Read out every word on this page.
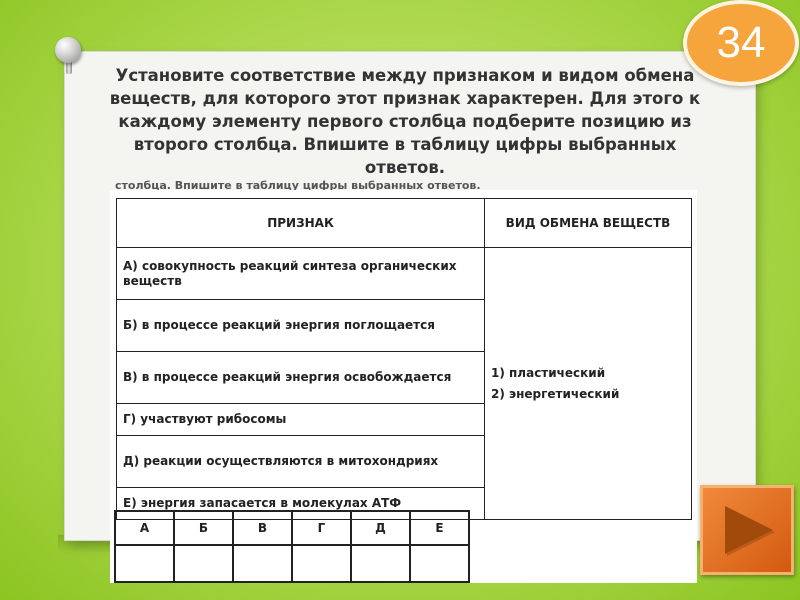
34
Установите соответствие между признаком и видом обмена веществ, для которого этот признак характерен. Для этого к каждому элементу первого столбца подберите позицию из второго столбца. Впишите в таблицу цифры выбранных ответов.
столбца. Впишите в таблицу цифры выбранных ответов.
ПРИЗНАК	ВИД ОБМЕНА ВЕЩЕСТВ
А) совокупность реакций синтеза органических веществ	1) пластический
2) энергетический

Б) в процессе реакций энергия поглощается	
В) в процессе реакций энергия освобождается	
Г) участвуют рибосомы	
Д) реакции осуществляются в митохондриях	
Е) энергия запасается в молекулах АТФ	
А	Б	В	Г	Д	Е
